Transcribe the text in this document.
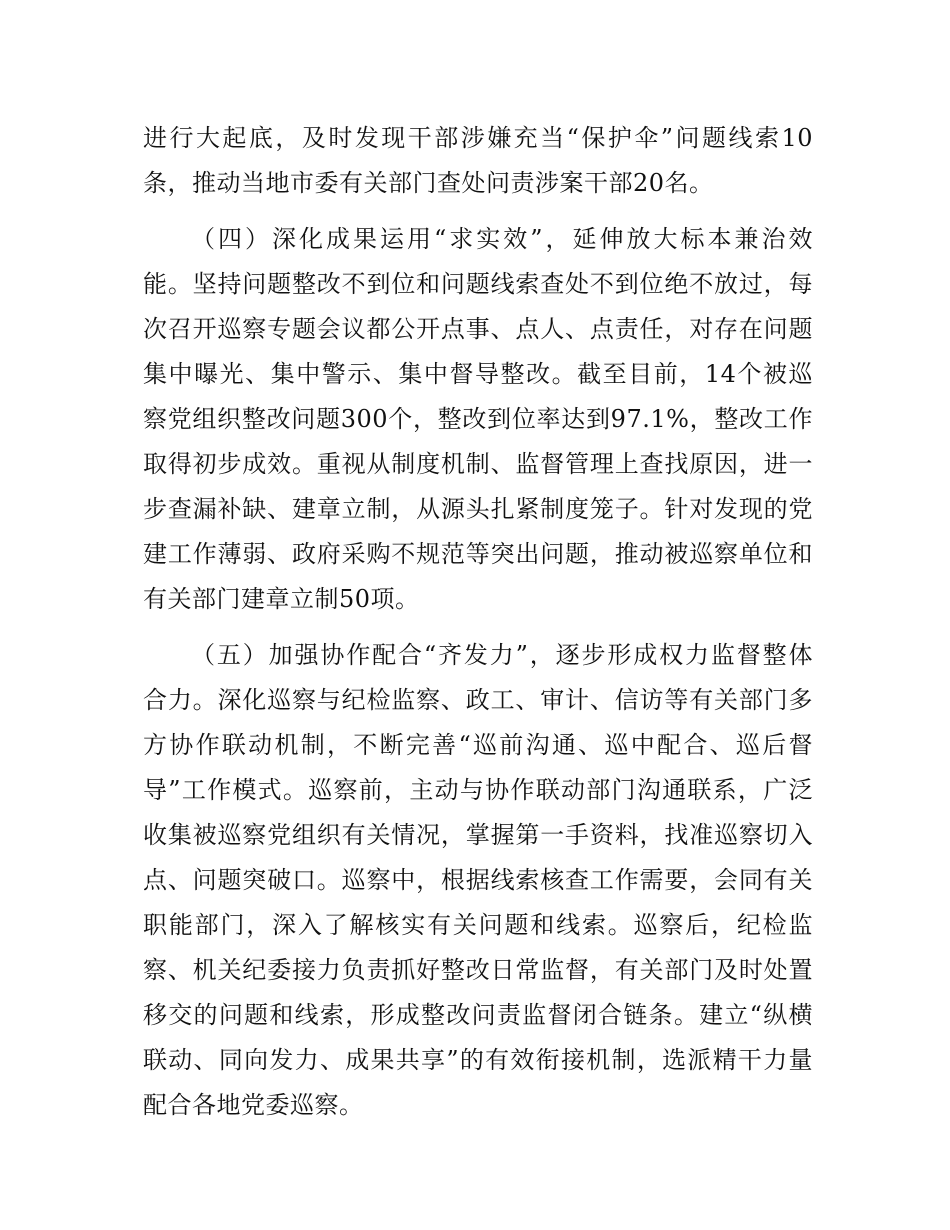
进行大起底，及时发现干部涉嫌充当“保护伞”问题线索10
条，推动当地市委有关部门查处问责涉案干部20名。
（四）深化成果运用“求实效”，延伸放大标本兼治效
能。坚持问题整改不到位和问题线索查处不到位绝不放过，每
次召开巡察专题会议都公开点事、点人、点责任，对存在问题
集中曝光、集中警示、集中督导整改。截至目前，14个被巡
察党组织整改问题300个，整改到位率达到97.1%，整改工作
取得初步成效。重视从制度机制、监督管理上查找原因，进一
步查漏补缺、建章立制，从源头扎紧制度笼子。针对发现的党
建工作薄弱、政府采购不规范等突出问题，推动被巡察单位和
有关部门建章立制50项。
（五）加强协作配合“齐发力”，逐步形成权力监督整体
合力。深化巡察与纪检监察、政工、审计、信访等有关部门多
方协作联动机制，不断完善“巡前沟通、巡中配合、巡后督
导”工作模式。巡察前，主动与协作联动部门沟通联系，广泛
收集被巡察党组织有关情况，掌握第一手资料，找准巡察切入
点、问题突破口。巡察中，根据线索核查工作需要，会同有关
职能部门，深入了解核实有关问题和线索。巡察后，纪检监
察、机关纪委接力负责抓好整改日常监督，有关部门及时处置
移交的问题和线索，形成整改问责监督闭合链条。建立“纵横
联动、同向发力、成果共享”的有效衔接机制，选派精干力量
配合各地党委巡察。
